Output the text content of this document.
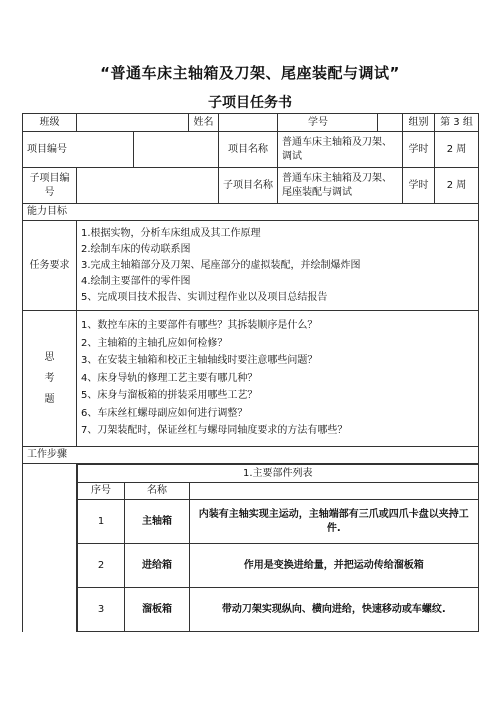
“普通车床主轴箱及刀架、尾座装配与调试”
子项目任务书
班级		姓名		学号		组别	第 3 组
项目编号		项目名称	普通车床主轴箱及刀架、调试	学时	2 周
子项目编号		子项目名称	普通车床主轴箱及刀架、尾座装配与调试	学时	2 周
能力目标
任务要求	
1.根据实物，分析车床组成及其工作原理
2.绘制车床的传动联系图
3.完成主轴箱部分及刀架、尾座部分的虚拟装配，并绘制爆炸图
4.绘制主要部件的零件图
5、完成项目技术报告、实训过程作业以及项目总结报告

思
考
题

1、数控车床的主要部件有哪些？其拆装顺序是什么？
2、主轴箱的主轴孔应如何检修？
3、在安装主轴箱和校正主轴轴线时要注意哪些问题？
4、床身导轨的修理工艺主要有哪几种？
5、床身与溜板箱的拼装采用哪些工艺？
6、车床丝杠螺母副应如何进行调整？
7、刀架装配时，保证丝杠与螺母同轴度要求的方法有哪些？

工作步骤

1.主要部件列表
序号	名称	
1	主轴箱	内装有主轴实现主运动，主轴端部有三爪或四爪卡盘以夹持工件.
2	进给箱	作用是变换进给量，并把运动传给溜板箱
3	溜板箱	带动刀架实现纵向、横向进给，快速移动或车螺纹.
